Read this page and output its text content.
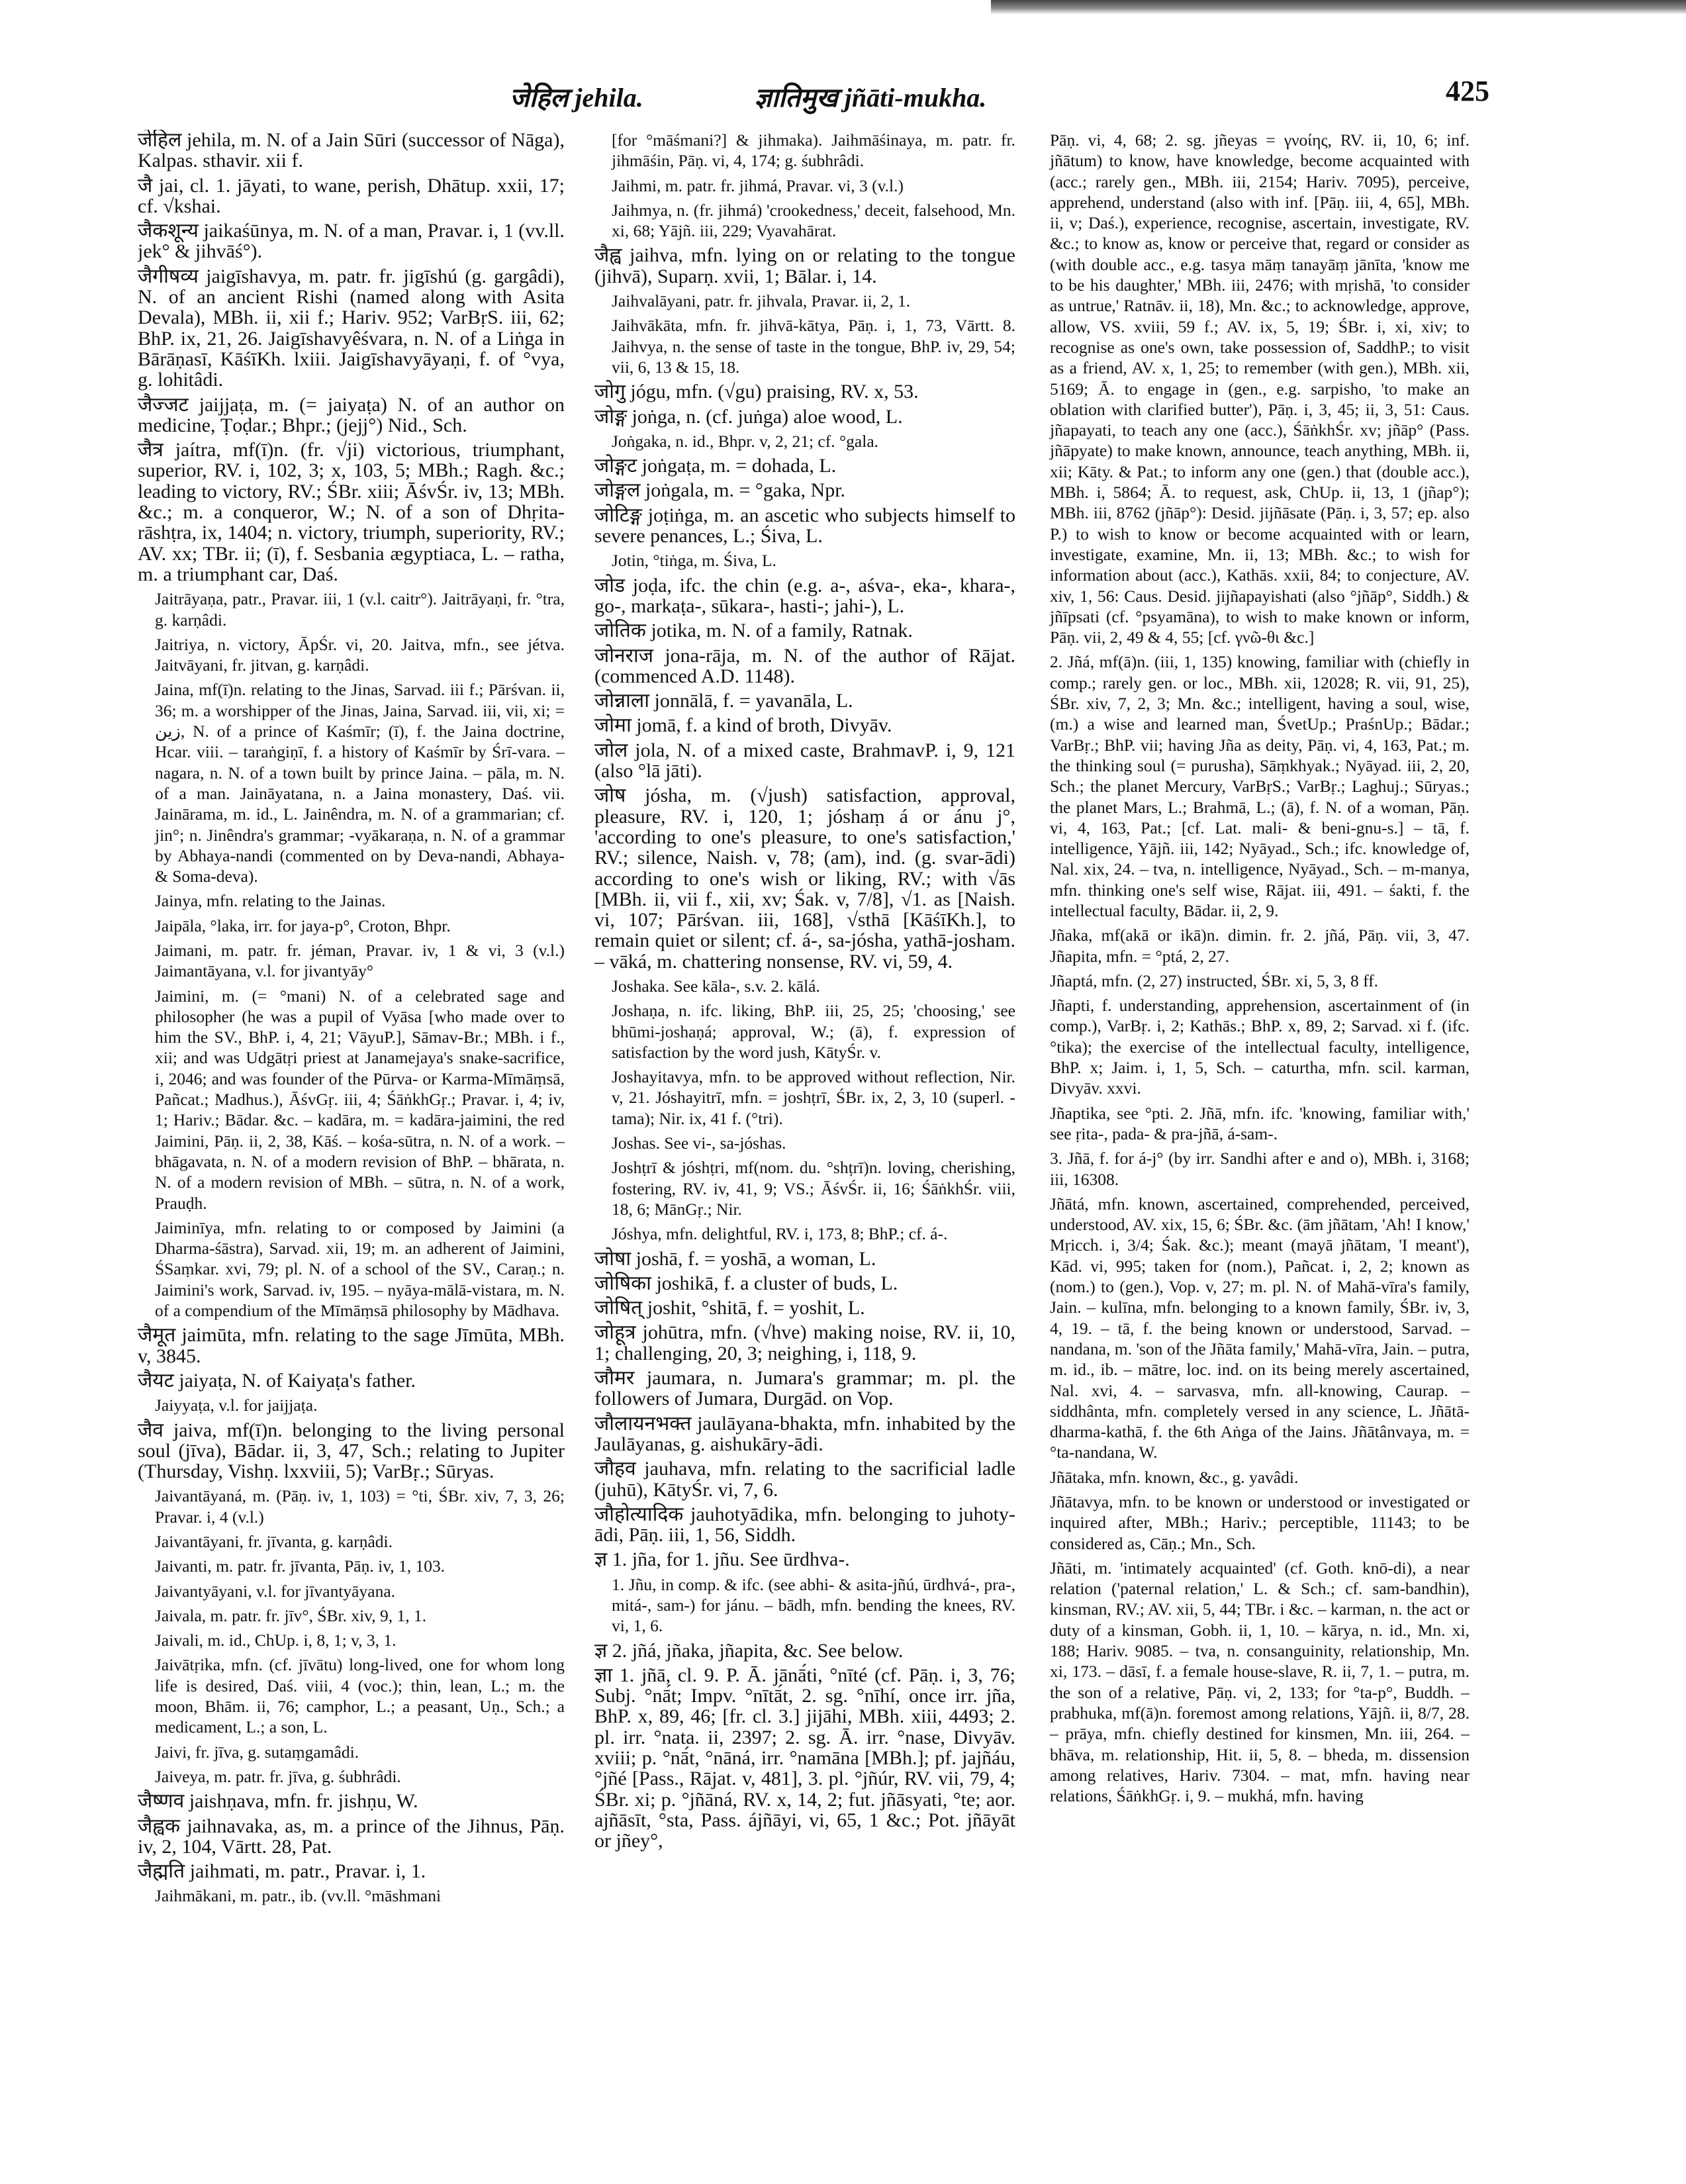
जेहिल jehila.	ज्ञातिमुख jñāti-mukha.	425

जेहिल jehila, m. N. of a Jain Sūri (successor of Nāga), Kalpas. sthavir. xii f.

जै jai, cl. 1. jāyati, to wane, perish, Dhātup. xxii, 17; cf. √kshai.

जैकशून्य jaikaśūnya, m. N. of a man, Pravar. i, 1 (vv.ll. jek° & jihvāś°).

जैगीषव्य jaigīshavya, m. patr. fr. jigīshú (g. gargâdi), N. of an ancient Rishi (named along with Asita Devala), MBh. ii, xii f.; Hariv. 952; VarBṛS. iii, 62; BhP. ix, 21, 26. Jaigīshavyêśvara, n. N. of a Liṅga in Bārāṇasī, KāśīKh. lxiii. Jaigīshavyāyaṇi, f. of °vya, g. lohitâdi.

जैज्जट jaijjaṭa, m. (= jaiyaṭa) N. of an author on medicine, Ṭoḍar.; Bhpr.; (jejj°) Nid., Sch.

जैत्र jaítra, mf(ī)n. (fr. √ji) victorious, triumphant, superior, RV. i, 102, 3; x, 103, 5; MBh.; Ragh. &c.; leading to victory, RV.; ŚBr. xiii; ĀśvŚr. iv, 13; MBh. &c.; m. a conqueror, W.; N. of a son of Dhṛita-rāshṭra, ix, 1404; n. victory, triumph, superiority, RV.; AV. xx; TBr. ii; (ī), f. Sesbania ægyptiaca, L. – ratha, m. a triumphant car, Daś.

Jaitrāyaṇa, patr., Pravar. iii, 1 (v.l. caitr°). Jaitrāyaṇi, fr. °tra, g. karṇâdi.

Jaitriya, n. victory, ĀpŚr. vi, 20. Jaitva, mfn., see jétva. Jaitvāyani, fr. jitvan, g. karṇâdi.

Jaina, mf(ī)n. relating to the Jinas, Sarvad. iii f.; Pārśvan. ii, 36; m. a worshipper of the Jinas, Jaina, Sarvad. iii, vii, xi; = زين, N. of a prince of Kaśmīr; (ī), f. the Jaina doctrine, Hcar. viii. – taraṅgiṇī, f. a history of Kaśmīr by Śrī-vara. – nagara, n. N. of a town built by prince Jaina. – pāla, m. N. of a man. Jaināyatana, n. a Jaina monastery, Daś. vii. Jainārama, m. id., L. Jainêndra, m. N. of a grammarian; cf. jin°; n. Jinêndra's grammar; -vyākaraṇa, n. N. of a grammar by Abhaya-nandi (commented on by Deva-nandi, Abhaya- & Soma-deva).

Jainya, mfn. relating to the Jainas.

Jaipāla, °laka, irr. for jaya-p°, Croton, Bhpr.

Jaimani, m. patr. fr. jéman, Pravar. iv, 1 & vi, 3 (v.l.) Jaimantāyana, v.l. for jivantyāy°

Jaimini, m. (= °mani) N. of a celebrated sage and philosopher (he was a pupil of Vyāsa [who made over to him the SV., BhP. i, 4, 21; VāyuP.], Sāmav-Br.; MBh. i f., xii; and was Udgātṛi priest at Janamejaya's snake-sacrifice, i, 2046; and was founder of the Pūrva- or Karma-Mīmāṃsā, Pañcat.; Madhus.), ĀśvGṛ. iii, 4; ŚāṅkhGṛ.; Pravar. i, 4; iv, 1; Hariv.; Bādar. &c. – kadāra, m. = kadāra-jaimini, the red Jaimini, Pāṇ. ii, 2, 38, Kāś. – kośa-sūtra, n. N. of a work. – bhāgavata, n. N. of a modern revision of BhP. – bhārata, n. N. of a modern revision of MBh. – sūtra, n. N. of a work, Prauḍh.

Jaiminīya, mfn. relating to or composed by Jaimini (a Dharma-śāstra), Sarvad. xii, 19; m. an adherent of Jaimini, ŚSaṃkar. xvi, 79; pl. N. of a school of the SV., Caraṇ.; n. Jaimini's work, Sarvad. iv, 195. – nyāya-mālā-vistara, m. N. of a compendium of the Mīmāṃsā philosophy by Mādhava.

जैमूत jaimūta, mfn. relating to the sage Jīmūta, MBh. v, 3845.

जैयट jaiyaṭa, N. of Kaiyaṭa's father.

Jaiyyaṭa, v.l. for jaijjaṭa.

जैव jaiva, mf(ī)n. belonging to the living personal soul (jīva), Bādar. ii, 3, 47, Sch.; relating to Jupiter (Thursday, Vishṇ. lxxviii, 5); VarBṛ.; Sūryas.

Jaivantāyaná, m. (Pāṇ. iv, 1, 103) = °ti, ŚBr. xiv, 7, 3, 26; Pravar. i, 4 (v.l.)

Jaivantāyani, fr. jīvanta, g. karṇâdi.

Jaivanti, m. patr. fr. jīvanta, Pāṇ. iv, 1, 103.

Jaivantyāyani, v.l. for jīvantyāyana.

Jaivala, m. patr. fr. jīv°, ŚBr. xiv, 9, 1, 1.

Jaivali, m. id., ChUp. i, 8, 1; v, 3, 1.

Jaivātṛika, mfn. (cf. jīvātu) long-lived, one for whom long life is desired, Daś. viii, 4 (voc.); thin, lean, L.; m. the moon, Bhām. ii, 76; camphor, L.; a peasant, Uṇ., Sch.; a medicament, L.; a son, L.

Jaivi, fr. jīva, g. sutaṃgamâdi.

Jaiveya, m. patr. fr. jīva, g. śubhrâdi.

जैष्णव jaishṇava, mfn. fr. jishṇu, W.

जैह्वक jaihnavaka, as, m. a prince of the Jihnus, Pāṇ. iv, 2, 104, Vārtt. 28, Pat.

जैह्मति jaihmati, m. patr., Pravar. i, 1.

Jaihmākani, m. patr., ib. (vv.ll. °māshmani

[for °māśmani?] & jihmaka). Jaihmāśinaya, m. patr. fr. jihmāśin, Pāṇ. vi, 4, 174; g. śubhrâdi.

Jaihmi, m. patr. fr. jihmá, Pravar. vi, 3 (v.l.)

Jaihmya, n. (fr. jihmá) 'crookedness,' deceit, falsehood, Mn. xi, 68; Yājñ. iii, 229; Vyavahārat.

जैह्व jaihva, mfn. lying on or relating to the tongue (jihvā), Suparṇ. xvii, 1; Bālar. i, 14.

Jaihvalāyani, patr. fr. jihvala, Pravar. ii, 2, 1.

Jaihvākāta, mfn. fr. jihvā-kātya, Pāṇ. i, 1, 73, Vārtt. 8. Jaihvya, n. the sense of taste in the tongue, BhP. iv, 29, 54; vii, 6, 13 & 15, 18.

जोगु jógu, mfn. (√gu) praising, RV. x, 53.

जोङ्ग joṅga, n. (cf. juṅga) aloe wood, L.

Joṅgaka, n. id., Bhpr. v, 2, 21; cf. °gala.

जोङ्गट joṅgaṭa, m. = dohada, L.

जोङ्गल joṅgala, m. = °gaka, Npr.

जोटिङ्ग joṭiṅga, m. an ascetic who subjects himself to severe penances, L.; Śiva, L.

Jotin, °tiṅga, m. Śiva, L.

जोड joḍa, ifc. the chin (e.g. a-, aśva-, eka-, khara-, go-, markaṭa-, sūkara-, hasti-; jahi-), L.

जोतिक jotika, m. N. of a family, Ratnak.

जोनराज jona-rāja, m. N. of the author of Rājat. (commenced A.D. 1148).

जोन्नाला jonnālā, f. = yavanāla, L.

जोमा jomā, f. a kind of broth, Divyāv.

जोल jola, N. of a mixed caste, BrahmavP. i, 9, 121 (also °lā jāti).

जोष jósha, m. (√jush) satisfaction, approval, pleasure, RV. i, 120, 1; jóshaṃ á or ánu j°, 'according to one's pleasure, to one's satisfaction,' RV.; silence, Naish. v, 78; (am), ind. (g. svar-ādi) according to one's wish or liking, RV.; with √ās [MBh. ii, vii f., xii, xv; Śak. v, 7/8], √1. as [Naish. vi, 107; Pārśvan. iii, 168], √sthā [KāśīKh.], to remain quiet or silent; cf. á-, sa-jósha, yathā-josham. – vāká, m. chattering nonsense, RV. vi, 59, 4.

Joshaka. See kāla-, s.v. 2. kālá.

Joshaṇa, n. ifc. liking, BhP. iii, 25, 25; 'choosing,' see bhūmi-joshaṇá; approval, W.; (ā), f. expression of satisfaction by the word jush, KātyŚr. v.

Joshayitavya, mfn. to be approved without reflection, Nir. v, 21. Jóshayitrī, mfn. = joshṭrī, ŚBr. ix, 2, 3, 10 (superl. -tama); Nir. ix, 41 f. (°tri).

Joshas. See vi-, sa-jóshas.

Joshṭrī & jóshṭri, mf(nom. du. °shṭrī)n. loving, cherishing, fostering, RV. iv, 41, 9; VS.; ĀśvŚr. ii, 16; ŚāṅkhŚr. viii, 18, 6; MānGṛ.; Nir.

Jóshya, mfn. delightful, RV. i, 173, 8; BhP.; cf. á-.

जोषा joshā, f. = yoshā, a woman, L.

जोषिका joshikā, f. a cluster of buds, L.

जोषित् joshit, °shitā, f. = yoshit, L.

जोहूत्र johūtra, mfn. (√hve) making noise, RV. ii, 10, 1; challenging, 20, 3; neighing, i, 118, 9.

जौमर jaumara, n. Jumara's grammar; m. pl. the followers of Jumara, Durgād. on Vop.

जौलायनभक्त jaulāyana-bhakta, mfn. inhabited by the Jaulāyanas, g. aishukāry-ādi.

जौहव jauhava, mfn. relating to the sacrificial ladle (juhū), KātyŚr. vi, 7, 6.

जौहोत्यादिक jauhotyādika, mfn. belonging to juhoty-ādi, Pāṇ. iii, 1, 56, Siddh.

ज्ञ 1. jña, for 1. jñu. See ūrdhva-.

1. Jñu, in comp. & ifc. (see abhi- & asita-jñú, ūrdhvá-, pra-, mitá-, sam-) for jánu. – bādh, mfn. bending the knees, RV. vi, 1, 6.

ज्ञ 2. jñá, jñaka, jñapita, &c. See below.

ज्ञा 1. jñā, cl. 9. P. Ā. jānā́ti, °nīté (cf. Pāṇ. i, 3, 76; Subj. °nā́t; Impv. °nītā́t, 2. sg. °nīhí, once irr. jña, BhP. x, 89, 46; [fr. cl. 3.] jijāhi, MBh. xiii, 4493; 2. pl. irr. °nata. ii, 2397; 2. sg. Ā. irr. °nase, Divyāv. xviii; p. °nā́t, °nāná, irr. °namāna [MBh.]; pf. jajñáu, °jñé [Pass., Rājat. v, 481], 3. pl. °jñúr, RV. vii, 79, 4; ŚBr. xi; p. °jñāná, RV. x, 14, 2; fut. jñāsyati, °te; aor. ajñāsīt, °sta, Pass. ájñāyi, vi, 65, 1 &c.; Pot. jñāyāt or jñey°,

Pāṇ. vi, 4, 68; 2. sg. jñeyas = γνοίης, RV. ii, 10, 6; inf. jñātum) to know, have knowledge, become acquainted with (acc.; rarely gen., MBh. iii, 2154; Hariv. 7095), perceive, apprehend, understand (also with inf. [Pāṇ. iii, 4, 65], MBh. ii, v; Daś.), experience, recognise, ascertain, investigate, RV. &c.; to know as, know or perceive that, regard or consider as (with double acc., e.g. tasya māṃ tanayāṃ jānīta, 'know me to be his daughter,' MBh. iii, 2476; with mṛishā, 'to consider as untrue,' Ratnāv. ii, 18), Mn. &c.; to acknowledge, approve, allow, VS. xviii, 59 f.; AV. ix, 5, 19; ŚBr. i, xi, xiv; to recognise as one's own, take possession of, SaddhP.; to visit as a friend, AV. x, 1, 25; to remember (with gen.), MBh. xii, 5169; Ā. to engage in (gen., e.g. sarpisho, 'to make an oblation with clarified butter'), Pāṇ. i, 3, 45; ii, 3, 51: Caus. jñapayati, to teach any one (acc.), ŚāṅkhŚr. xv; jñāp° (Pass. jñāpyate) to make known, announce, teach anything, MBh. ii, xii; Kāty. & Pat.; to inform any one (gen.) that (double acc.), MBh. i, 5864; Ā. to request, ask, ChUp. ii, 13, 1 (jñap°); MBh. iii, 8762 (jñāp°): Desid. jijñāsate (Pāṇ. i, 3, 57; ep. also P.) to wish to know or become acquainted with or learn, investigate, examine, Mn. ii, 13; MBh. &c.; to wish for information about (acc.), Kathās. xxii, 84; to conjecture, AV. xiv, 1, 56: Caus. Desid. jijñapayishati (also °jñāp°, Siddh.) & jñīpsati (cf. °psyamāna), to wish to make known or inform, Pāṇ. vii, 2, 49 & 4, 55; [cf. γνῶ-θι &c.]

2. Jñá, mf(ā)n. (iii, 1, 135) knowing, familiar with (chiefly in comp.; rarely gen. or loc., MBh. xii, 12028; R. vii, 91, 25), ŚBr. xiv, 7, 2, 3; Mn. &c.; intelligent, having a soul, wise, (m.) a wise and learned man, ŚvetUp.; PraśnUp.; Bādar.; VarBṛ.; BhP. vii; having Jña as deity, Pāṇ. vi, 4, 163, Pat.; m. the thinking soul (= purusha), Sāṃkhyak.; Nyāyad. iii, 2, 20, Sch.; the planet Mercury, VarBṛS.; VarBṛ.; Laghuj.; Sūryas.; the planet Mars, L.; Brahmā, L.; (ā), f. N. of a woman, Pāṇ. vi, 4, 163, Pat.; [cf. Lat. mali- & beni-gnu-s.] – tā, f. intelligence, Yājñ. iii, 142; Nyāyad., Sch.; ifc. knowledge of, Nal. xix, 24. – tva, n. intelligence, Nyāyad., Sch. – m-manya, mfn. thinking one's self wise, Rājat. iii, 491. – śakti, f. the intellectual faculty, Bādar. ii, 2, 9.

Jñaka, mf(akā or ikā)n. dimin. fr. 2. jñá, Pāṇ. vii, 3, 47. Jñapita, mfn. = °ptá, 2, 27.

Jñaptá, mfn. (2, 27) instructed, ŚBr. xi, 5, 3, 8 ff.

Jñapti, f. understanding, apprehension, ascertainment of (in comp.), VarBṛ. i, 2; Kathās.; BhP. x, 89, 2; Sarvad. xi f. (ifc. °tika); the exercise of the intellectual faculty, intelligence, BhP. x; Jaim. i, 1, 5, Sch. – caturtha, mfn. scil. karman, Divyāv. xxvi.

Jñaptika, see °pti. 2. Jñā, mfn. ifc. 'knowing, familiar with,' see ṛita-, pada- & pra-jñā, á-sam-.

3. Jñā, f. for á-j° (by irr. Sandhi after e and o), MBh. i, 3168; iii, 16308.

Jñātá, mfn. known, ascertained, comprehended, perceived, understood, AV. xix, 15, 6; ŚBr. &c. (ām jñātam, 'Ah! I know,' Mṛicch. i, 3/4; Śak. &c.); meant (mayā jñātam, 'I meant'), Kād. vi, 995; taken for (nom.), Pañcat. i, 2, 2; known as (nom.) to (gen.), Vop. v, 27; m. pl. N. of Mahā-vīra's family, Jain. – kulīna, mfn. belonging to a known family, ŚBr. iv, 3, 4, 19. – tā, f. the being known or understood, Sarvad. – nandana, m. 'son of the Jñāta family,' Mahā-vīra, Jain. – putra, m. id., ib. – mātre, loc. ind. on its being merely ascertained, Nal. xvi, 4. – sarvasva, mfn. all-knowing, Caurap. – siddhânta, mfn. completely versed in any science, L. Jñātā-dharma-kathā, f. the 6th Aṅga of the Jains. Jñātânvaya, m. = °ta-nandana, W.

Jñātaka, mfn. known, &c., g. yavâdi.

Jñātavya, mfn. to be known or understood or investigated or inquired after, MBh.; Hariv.; perceptible, 11143; to be considered as, Cāṇ.; Mn., Sch.

Jñāti, m. 'intimately acquainted' (cf. Goth. knō-di), a near relation ('paternal relation,' L. & Sch.; cf. sam-bandhin), kinsman, RV.; AV. xii, 5, 44; TBr. i &c. – karman, n. the act or duty of a kinsman, Gobh. ii, 1, 10. – kārya, n. id., Mn. xi, 188; Hariv. 9085. – tva, n. consanguinity, relationship, Mn. xi, 173. – dāsī, f. a female house-slave, R. ii, 7, 1. – putra, m. the son of a relative, Pāṇ. vi, 2, 133; for °ta-p°, Buddh. – prabhuka, mf(ā)n. foremost among relations, Yājñ. ii, 8/7, 28. – prāya, mfn. chiefly destined for kinsmen, Mn. iii, 264. – bhāva, m. relationship, Hit. ii, 5, 8. – bheda, m. dissension among relatives, Hariv. 7304. – mat, mfn. having near relations, ŚāṅkhGṛ. i, 9. – mukhá, mfn. having
